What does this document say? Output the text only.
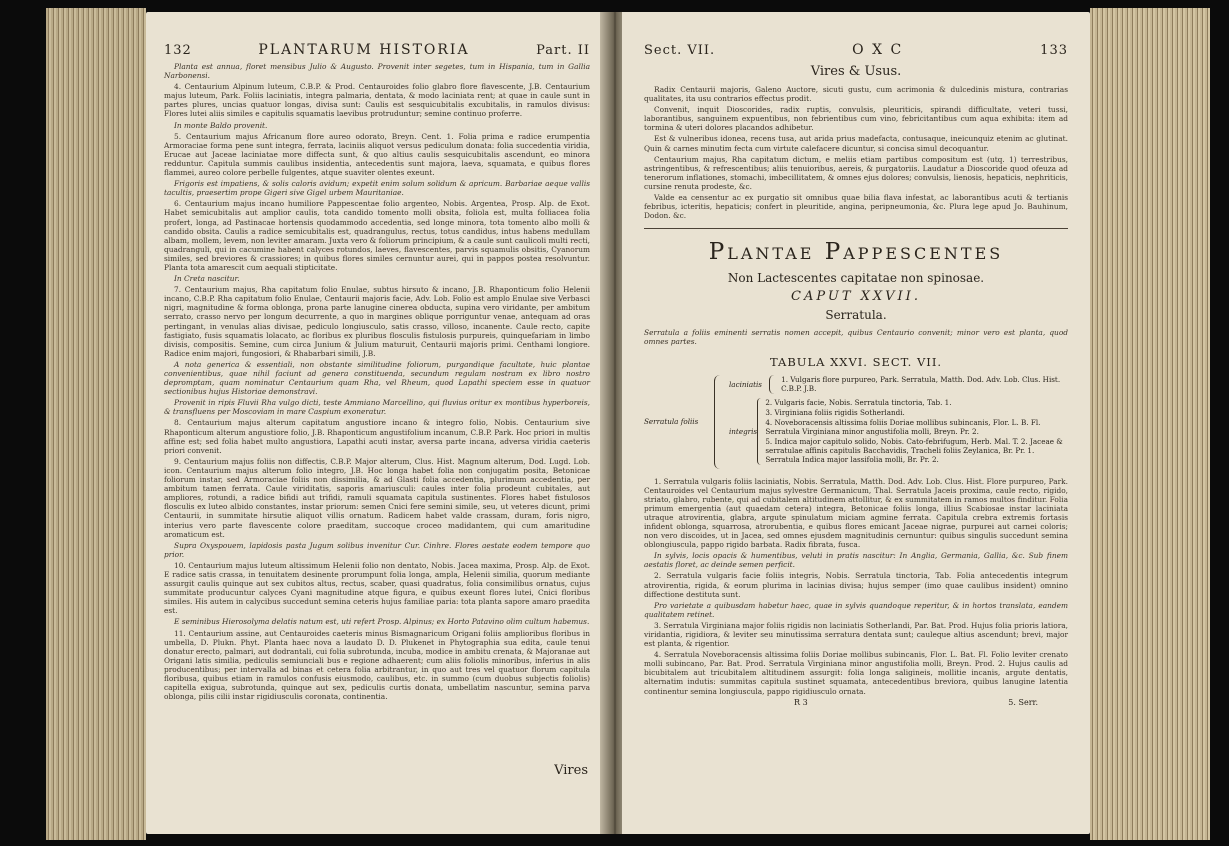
132	PLANTARUM HISTORIA	Part. II

Planta est annua, floret mensibus Julio & Augusto. Provenit inter segetes, tum in Hispania, tum in Gallia Narbonensi.

4. Centaurium Alpinum luteum, C.B.P. & Prod. Centauroides folio glabro flore flavescente, J.B. Centaurium majus luteum, Park. Foliis laciniatis, integra palmaria, dentata, & modo laciniata rent; at quae in caule sunt in partes plures, uncias quatuor longas, divisa sunt: Caulis est sesquicubitalis excubitalis, in ramulos divisus: Flores lutei aliis similes e capitulis squamatis laevibus protruduntur; semine continuo proferre.

In monte Baldo provenit.

5. Centaurium majus Africanum flore aureo odorato, Breyn. Cent. 1. Folia prima e radice erumpentia Armoraciae forma pene sunt integra, ferrata, laciniis aliquot versus pediculum donata: folia succedentia viridia, Erucae aut Jaceae laciniatae more diffecta sunt, & quo altius caulis sesquicubitalis ascendunt, eo minora redduntur. Capitula summis caulibus insidentia, antecedentis sunt majora, laeva, squamata, e quibus flores flammei, aureo colore perbelle fulgentes, atque suaviter olentes exeunt.

Frigoris est impatiens, & solis caloris avidum; expetit enim solum solidum & apricum. Barbariae aeque vallis tacultis, praesertim prope Gigeri sive Gigel urbem Mauritaniae.

6. Centaurium majus incano humiliore Pappescentae folio argenteo, Nobis. Argentea, Prosp. Alp. de Exot. Habet semicubitalis aut amplior caulis, tota candido tomento molli obsita, foliola est, multa folliacea folia profert, longa, ad Pastinacae hortensis quodammodo accedentia, sed longe minora, tota tomento albo molli & candido obsita. Caulis a radice semicubitalis est, quadrangulus, rectus, totus candidus, intus habens medullam albam, mollem, levem, non leviter amaram. Juxta vero & foliorum principium, & a caule sunt caulicoli multi recti, quadranguli, qui in cacumine habent calyces rotundos, laeves, flavescentes, parvis squamulis obsitis, Cyanorum similes, sed breviores & crassiores; in quibus flores similes cernuntur aurei, qui in pappos postea resolvuntur. Planta tota amarescit cum aequali stipticitate.

In Creta nascitur.

7. Centaurium majus, Rha capitatum folio Enulae, subtus hirsuto & incano, J.B. Rhaponticum folio Helenii incano, C.B.P. Rha capitatum folio Enulae, Centaurii majoris facie, Adv. Lob. Folio est amplo Enulae sive Verbasci nigri, magnitudine & forma oblonga, prona parte lanugine cinerea obducta, supina vero viridante, per ambitum serrato, crasso nervo per longum decurrente, a quo in margines oblique porriguntur venae, antequam ad oras pertingant, in venulas alias divisae, pediculo longiusculo, satis crasso, villoso, incanente. Caule recto, capite fastigiato, fusis squamatis lolacato, ac floribus ex pluribus flosculis fistulosis purpureis, quinquefariam in limbo divisis, compositis. Semine, cum circa Junium & Julium maturuit, Centaurii majoris primi. Centhami longiore. Radice enim majori, fungosiori, & Rhabarbari simili, J.B.

A nota generica & essentiali, non obstante similitudine foliorum, purgandique facultate, huic plantae convenientibus, quae nihil faciunt ad genera constituenda, secundum regulam nostram ex libro nostro depromptam, quam nominatur Centaurium quam Rha, vel Rheum, quod Lapathi speciem esse in quatuor sectionibus hujus Historiae demonstravi.

Provenit in ripis Fluvii Rha vulgo dicti, teste Ammiano Marcellino, qui fluvius oritur ex montibus hyperboreis, & transfluens per Moscoviam in mare Caspium exoneratur.

8. Centaurium majus alterum capitatum angustiore incano & integro folio, Nobis. Centaurium sive Rhaponticum alterum angustiore folio, J.B. Rhaponticum angustifolium incanum, C.B.P. Park. Hoc priori in multis affine est; sed folia habet multo angustiora, Lapathi acuti instar, aversa parte incana, adversa viridia caeteris priori convenit.

9. Centaurium majus foliis non diffectis, C.B.P. Major alterum, Clus. Hist. Magnum alterum, Dod. Lugd. Lob. icon. Centaurium majus alterum folio integro, J.B. Hoc longa habet folia non conjugatim posita, Betonicae foliorum instar, sed Armoraciae foliis non dissimilia, & ad Glasti folia accedentia, plurimum accedentia, per ambitum tamen ferrata. Caule viriditatis, saporis amariusculi: caules inter folia prodeunt cubitales, aut ampliores, rotundi, a radice bifidi aut trifidi, ramuli squamata capitula sustinentes. Flores habet fistulosos flosculis ex luteo albido constantes, instar priorum: semen Cnici fere semini simile, seu, ut veteres dicunt, primi Centaurii, in summitate hirsutie aliquot villis ornatum. Radicem habet valde crassam, duram, foris nigro, interius vero parte flavescente colore praeditam, succoque croceo madidantem, qui cum amaritudine aromaticum est.

Supra Oxyspouem, lapidosis pasta Jugum solibus invenitur Cur. Cinhre. Flores aestate eodem tempore quo prior.

10. Centaurium majus luteum altissimum Helenii folio non dentato, Nobis. Jacea maxima, Prosp. Alp. de Exot. E radice satis crassa, in tenuitatem desinente prorumpunt folia longa, ampla, Helenii similia, quorum mediante assurgit caulis quinque aut sex cubitos altus, rectus, scaber, quasi quadratus, folia consimilibus ornatus, cujus summitate producuntur calyces Cyani magnitudine atque figura, e quibus exeunt flores lutei, Cnici floribus similes. His autem in calycibus succedunt semina ceteris hujus familiae paria: tota planta sapore amaro praedita est.

E seminibus Hierosolyma delatis natum est, uti refert Prosp. Alpinus; ex Horto Patavino olim cultum habemus.

11. Centaurium assine, aut Centauroides caeteris minus Bismagnaricum Origani foliis amplioribus floribus in umbella, D. Plukn. Phyt. Planta haec nova a laudato D. D. Plukenet in Phytographia sua edita, caule tenui donatur erecto, palmari, aut dodrantali, cui folia subrotunda, incuba, modice in ambitu crenata, & Majoranae aut Origani latis similia, pediculis semiunciali bus e regione adhaerent; cum aliis foliolis minoribus, inferius in alis producentibus; per intervalla ad binas et cetera folia arbitrantur, in quo aut tres vel quatuor florum capitula floribusa, quibus etiam in ramulos confusis eiusmodo, caulibus, etc. in summo (cum duobus subjectis foliolis) capitella exigua, subrotunda, quinque aut sex, pediculis curtis donata, umbellatim nascuntur, semina parva oblonga, pilis cilii instar rigidiusculis coronata, continentia.

Vires
Sect. VII.	O X C	133
Vires & Usus.

Radix Centaurii majoris, Galeno Auctore, sicuti gustu, cum acrimonia & dulcedinis mistura, contrarias qualitates, ita usu contrarios effectus prodit.

Convenit, inquit Dioscorides, radix ruptis, convulsis, pleuriticis, spirandi difficultate, veteri tussi, laborantibus, sanguinem expuentibus, non febrientibus cum vino, febricitantibus cum aqua exhibita: item ad tormina & uteri dolores placandos adhibetur.

Est & vulneribus idonea, recens tusa, aut arida prius madefacta, contusaque, ineicunquiz etenim ac glutinat. Quin & carnes minutim fecta cum virtute calefacere dicuntur, si concisa simul decoquantur.

Centaurium majus, Rha capitatum dictum, e meliis etiam partibus compositum est (utq. 1) terrestribus, astringentibus, & refrescentibus; aliis tenuioribus, aereis, & purgatoriis. Laudatur a Dioscoride quod ofeuza ad tenerorum inflationes, stomachi, imbecillitatem, & omnes ejus dolores; convulsis, lienosis, hepaticis, nephriticis, cursine renuta prodeste, &c.

Valde ea censentur ac ex purgatio sit omnibus quae bilia flava infestat, ac laborantibus acuti & tertianis febribus, icteritis, hepaticis; confert in pleuritide, angina, peripneumonia, &c. Plura lege apud Jo. Bauhinum, Dodon. &c.

Plantae Pappescentes
Non Lactescentes capitatae non spinosae.
CAPUT XXVII.
Serratula.

Serratula a foliis eminenti serratis nomen accepit, quibus Centaurio convenit; minor vero est planta, quod omnes partes.

TABULA XXVI. SECT. VII.
Serratula foliis
laciniatis
1. Vulgaris flore purpureo, Park. Serratula, Matth. Dod. Adv. Lob. Clus. Hist. C.B.P. J.B.
integris
2. Vulgaris facie, Nobis. Serratula tinctoria, Tab. 1.
3. Virginiana foliis rigidis Sotherlandi.
4. Noveboracensis altissima foliis Doriae mollibus subincanis, Flor. L. B. Fl. Serratula Virginiana minor angustifolia molli, Breyn. Pr. 2.
5. Indica major capitulo solido, Nobis. Cato-febrifugum, Herb. Mal. T. 2. Jaceae & serratulae affinis capitulis Bacchavidis, Tracheli foliis Zeylanica, Br. Pr. 1. Serratula Indica major lassifolia molli, Br. Pr. 2.

1. Serratula vulgaris foliis laciniatis, Nobis. Serratula, Matth. Dod. Adv. Lob. Clus. Hist. Flore purpureo, Park. Centauroides vel Centaurium majus sylvestre Germanicum, Thal. Serratula Jaceis proxima, caule recto, rigido, striato, glabro, rubente, qui ad cubitalem altitudinem attollitur, & ex summitatem in ramos multos finditur. Folia primum emergentia (aut quaedam cetera) integra, Betonicae foliis longa, illius Scabiosae instar laciniata utraque atrovirentia, glabra, argute spinulatum miciam agmine ferrata. Capitula crebra extremis fortasis infident oblonga, squarrosa, atrorubentia, e quibus flores emicant Jaceae nigrae, purpurei aut carnei coloris; non vero discoides, ut in Jacea, sed omnes ejusdem magnitudinis cernuntur: quibus singulis succedunt semina oblongiuscula, pappo rigido barbata. Radix fibrata, fusca.

In sylvis, locis opacis & humentibus, veluti in pratis nascitur: In Anglia, Germania, Gallia, &c. Sub finem aestatis floret, ac deinde semen perficit.

2. Serratula vulgaris facie foliis integris, Nobis. Serratula tinctoria, Tab. Folia antecedentis integrum atrovirentia, rigida, & eorum plurima in lacinias divisa; hujus semper (imo quae caulibus insident) omnino diffectione destituta sunt.

Pro varietate a quibusdam habetur haec, quae in sylvis quandoque reperitur, & in hortos translata, eandem qualitatem retinet.

3. Serratula Virginiana major foliis rigidis non laciniatis Sotherlandi, Par. Bat. Prod. Hujus folia prioris latiora, viridantia, rigidiora, & leviter seu minutissima serratura dentata sunt; cauleque altius ascendunt; brevi, major est planta, & rigentior.

4. Serratula Noveboracensis altissima foliis Doriae mollibus subincanis, Flor. L. Bat. Fl. Folio leviter crenato molli subincano, Par. Bat. Prod. Serratula Virginiana minor angustifolia molli, Breyn. Prod. 2. Hujus caulis ad bicubitalem aut tricubitalem altitudinem assurgit: folia longa saligineis, mollitie incanis, argute dentatis, alternatim indutis: summitas capitula sustinet squamata, antecedentibus breviora, quibus lanugine latentia continentur semina longiuscula, pappo rigidiusculo ornata.

R 3	5. Serr.
